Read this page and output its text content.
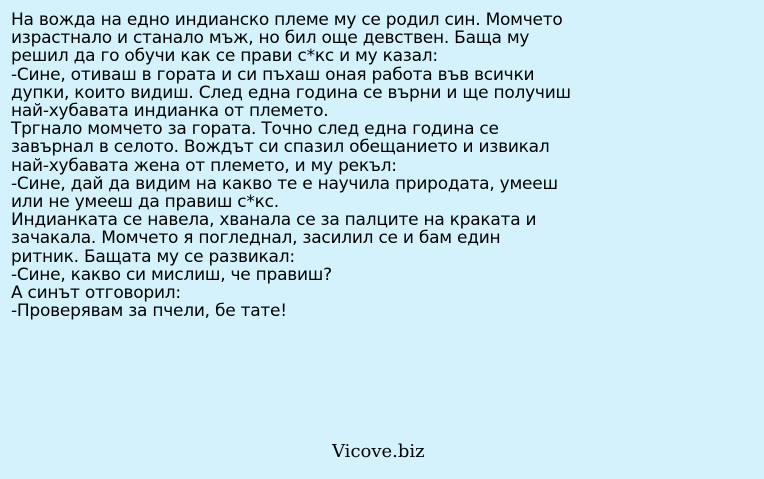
На вожда на едно индианско племе му се родил син. Момчето
израстнало и станало мъж, но бил още девствен. Баща му
решил да го обучи как се прави с*кс и му казал:
-Сине, отиваш в гората и си пъхаш оная работа във всички
дупки, които видиш. След една година се върни и ще получиш
най-хубавата индианка от племето.
Тргнало момчето за гората. Точно след една година се
завърнал в селото. Вождът си спазил обещанието и извикал
най-хубавата жена от племето, и му рекъл:
-Сине, дай да видим на какво те е научила природата, умееш
или не умееш да правиш с*кс.
Индианката се навела, хванала се за палците на краката и
зачакала. Момчето я погледнал, засилил се и бам един
ритник. Бащата му се развикал:
-Сине, какво си мислиш, че правиш?
А синът отговорил:
-Проверявам за пчели, бе тате!
Vicove.biz
